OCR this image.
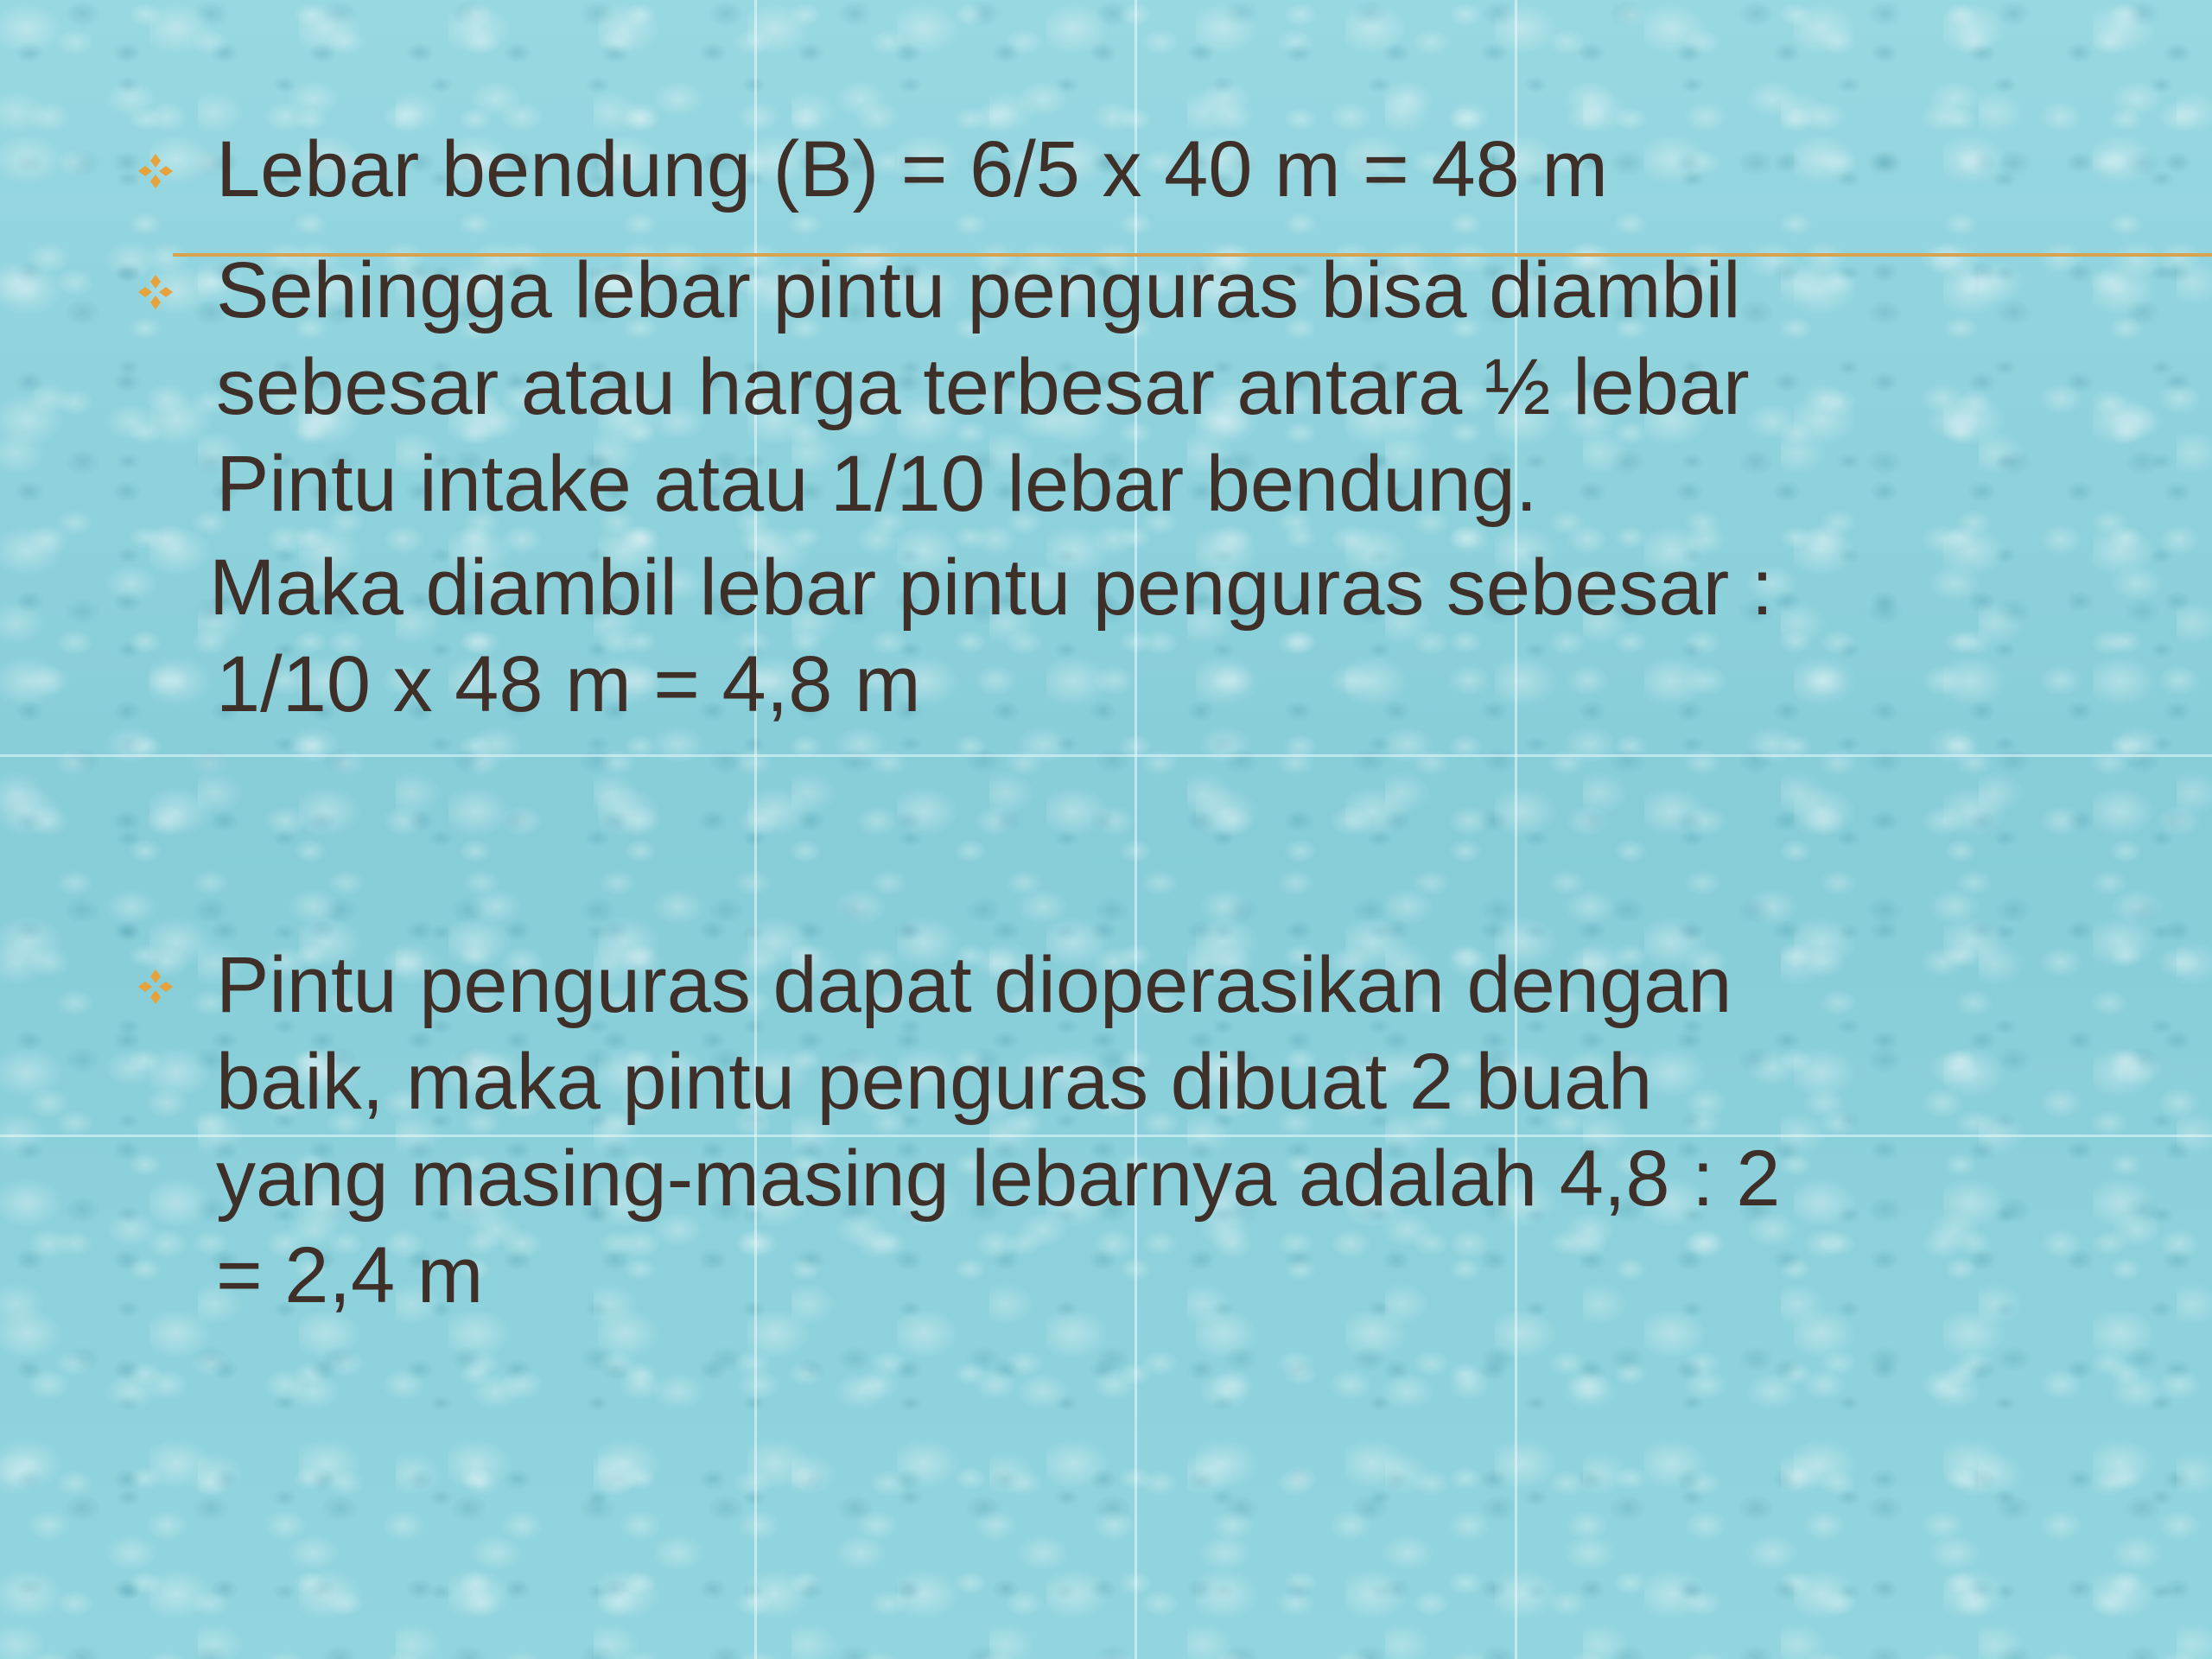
Lebar bendung (B) = 6/5 x 40 m = 48 m
Sehingga lebar pintu penguras bisa diambil
sebesar atau harga terbesar antara ½ lebar
Pintu intake atau 1/10 lebar bendung.
Maka diambil lebar pintu penguras sebesar :
1/10 x 48 m = 4,8 m
Pintu penguras dapat dioperasikan dengan
baik, maka pintu penguras dibuat 2 buah
yang masing-masing lebarnya adalah 4,8 : 2
= 2,4 m
